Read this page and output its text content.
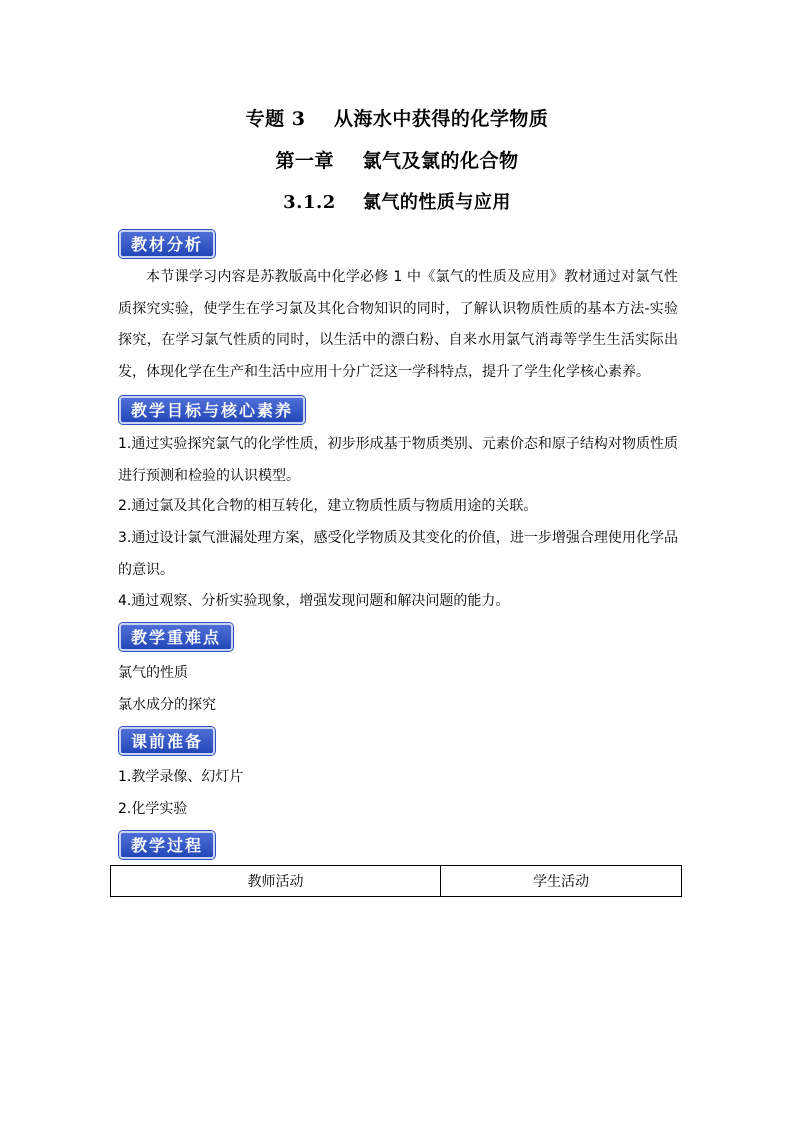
专题 3    从海水中获得的化学物质
第一章    氯气及氯的化合物
3.1.2    氯气的性质与应用
教材分析
本节课学习内容是苏教版高中化学必修 1 中《氯气的性质及应用》教材通过对氯气性质探究实验，使学生在学习氯及其化合物知识的同时，了解认识物质性质的基本方法-实验探究，在学习氯气性质的同时，以生活中的漂白粉、自来水用氯气消毒等学生生活实际出发，体现化学在生产和生活中应用十分广泛这一学科特点，提升了学生化学核心素养。
教学目标与核心素养
1.通过实验探究氯气的化学性质，初步形成基于物质类别、元素价态和原子结构对物质性质进行预测和检验的认识模型。
2.通过氯及其化合物的相互转化，建立物质性质与物质用途的关联。
3.通过设计氯气泄漏处理方案，感受化学物质及其变化的价值，进一步增强合理使用化学品的意识。
4.通过观察、分析实验现象，增强发现问题和解决问题的能力。
教学重难点
氯气的性质
氯水成分的探究
课前准备
1.教学录像、幻灯片
2.化学实验
教学过程
教师活动	学生活动
